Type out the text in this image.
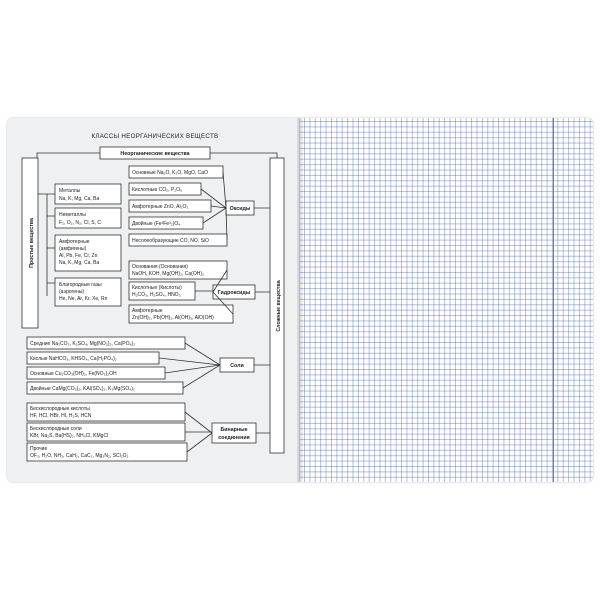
КЛАССЫ НЕОРГАНИЧЕСКИХ ВЕЩЕСТВ
Неорганические вещества
Простые вещества
Сложные вещества
Металлы
Na, K, Mg, Ca, Ba
Неметаллы
F₂, O₂, N₂, Cl, S, C
Амфотерные
(амфигены)
Al, Pb, Fe, Cr, Zn
Na, K, Mg, Ca, Ba
Благородные газы
(аэрогены)
He, Ne, Ar, Kr, Xe, Rn
Основные Na₂O, K₂O, MgO, CaO
Кислотные CO₂, P₂O₅
Амфотерные ZnO, Al₂O₃
Двойные (Fe²Fe³₂)O₄
Несолеобразующие CO, NO, SiO
Оксиды
Основания (Основания)
NaOH, KOH, Mg(OH)₂, Ca(OH)₂
Кислотные (Кислоты)
H₂CO₃, H₂SO₄, HNO₃
Амфотерные
Zn(OH)₂, Pb(OH)₂, Al(OH)₃, AlO(OH)
Гидроксиды
Средние Na₂CO₃, K₂SO₄, Mg(NO₃)₂, Ca(PO₄)₂
Кислые NaHCO₃, KHSO₄, Ca(H₂PO₄)₂
Основные Cu₂CO₃(OH)₂, Fe(NO₃)₂OH
Двойные CaMg(CO₃)₂, KAl(SO₄)₂, K₂Mg(SO₄)₂
Соли
Бескислородные кислоты
HF, HCl, HBr, HI, H₂S, HCN
Бескислородные соли
KBr, Na₂S, Ba(HS)₂, NH₄Cl, KMgCl
Прочие
OF₂, H₂O, NH₃, CaH₂, CaC₂, Mg₃N₂, SCl₂O₂
Бинарные
соединения
